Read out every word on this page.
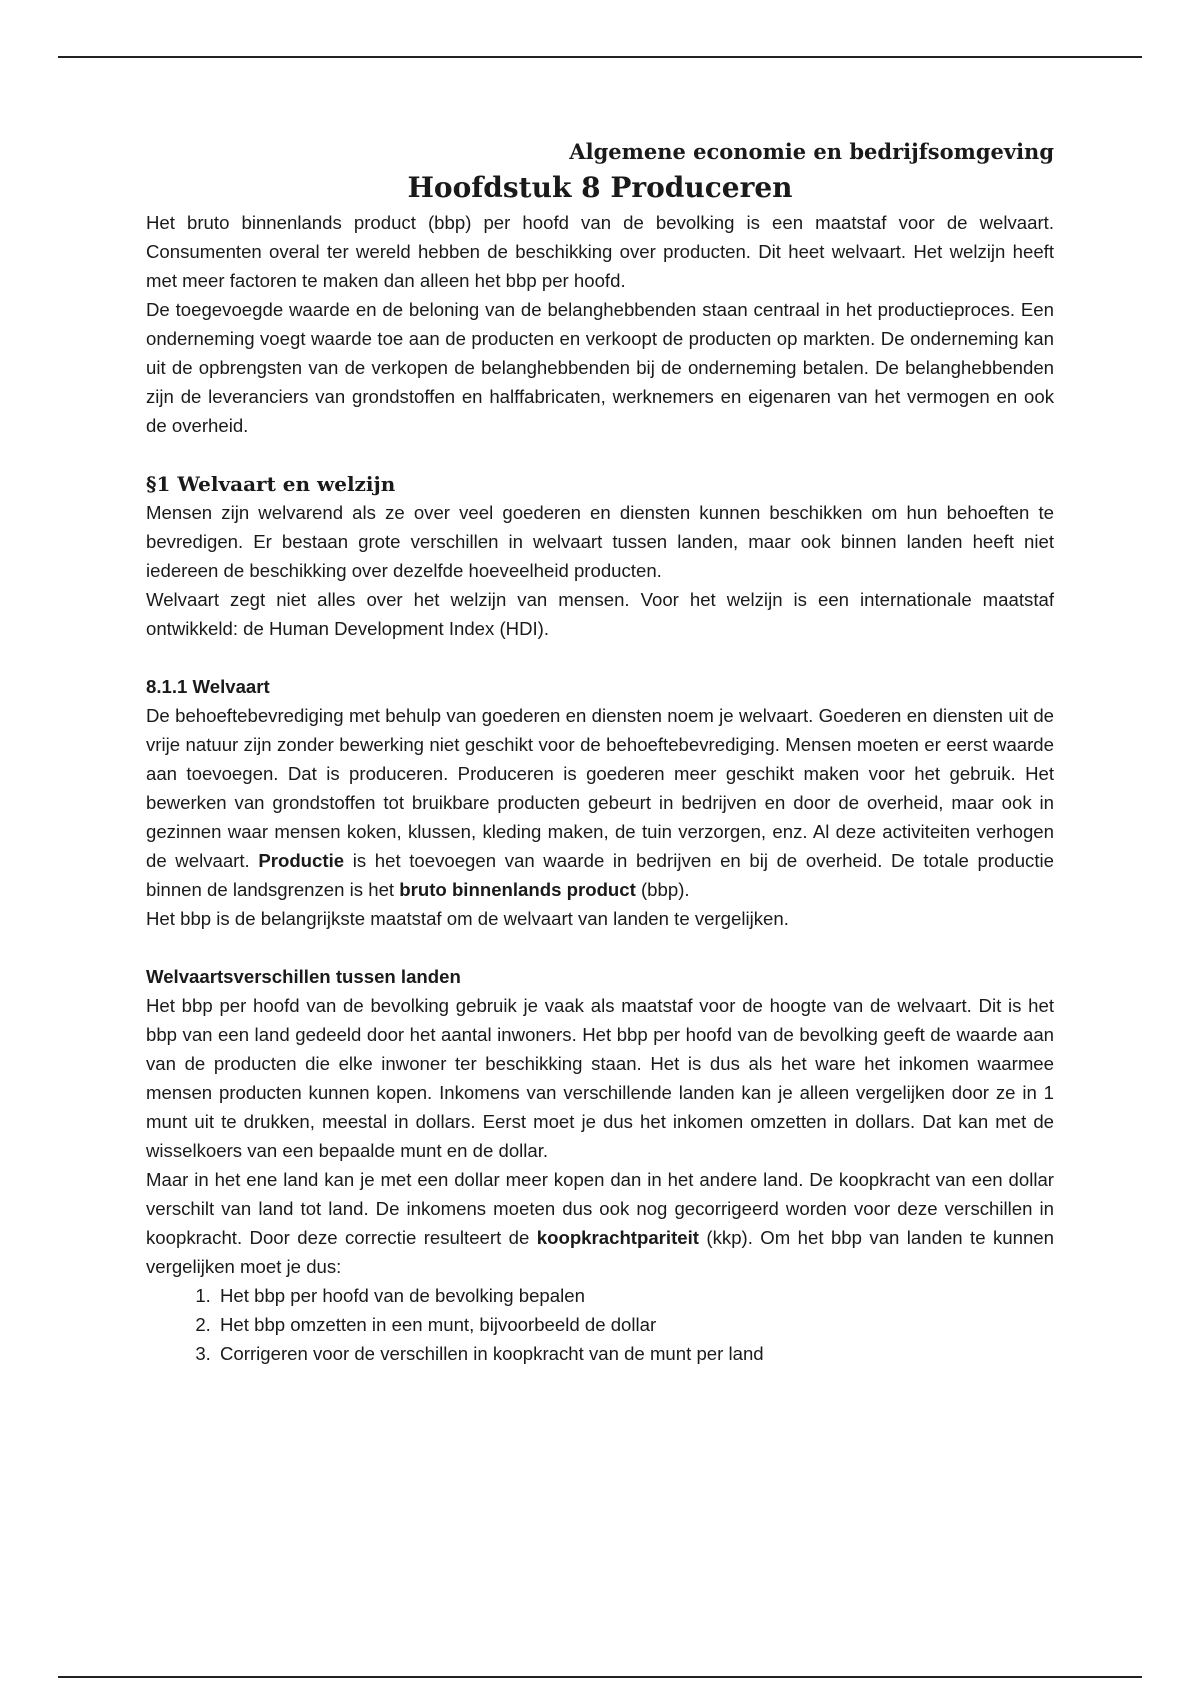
Algemene economie en bedrijfsomgeving
Hoofdstuk 8 Produceren

Het bruto binnenlands product (bbp) per hoofd van de bevolking is een maatstaf voor de welvaart. Consumenten overal ter wereld hebben de beschikking over producten. Dit heet welvaart. Het welzijn heeft met meer factoren te maken dan alleen het bbp per hoofd.

De toegevoegde waarde en de beloning van de belanghebbenden staan centraal in het productieproces. Een onderneming voegt waarde toe aan de producten en verkoopt de producten op markten. De onderneming kan uit de opbrengsten van de verkopen de belanghebbenden bij de onderneming betalen. De belanghebbenden zijn de leveranciers van grondstoffen en halffabricaten, werknemers en eigenaren van het vermogen en ook de overheid.

§1 Welvaart en welzijn

Mensen zijn welvarend als ze over veel goederen en diensten kunnen beschikken om hun behoeften te bevredigen. Er bestaan grote verschillen in welvaart tussen landen, maar ook binnen landen heeft niet iedereen de beschikking over dezelfde hoeveelheid producten.

Welvaart zegt niet alles over het welzijn van mensen. Voor het welzijn is een internationale maatstaf ontwikkeld: de Human Development Index (HDI).

8.1.1 Welvaart

De behoeftebevrediging met behulp van goederen en diensten noem je welvaart. Goederen en diensten uit de vrije natuur zijn zonder bewerking niet geschikt voor de behoeftebevrediging. Mensen moeten er eerst waarde aan toevoegen. Dat is produceren. Produceren is goederen meer geschikt maken voor het gebruik. Het bewerken van grondstoffen tot bruikbare producten gebeurt in bedrijven en door de overheid, maar ook in gezinnen waar mensen koken, klussen, kleding maken, de tuin verzorgen, enz. Al deze activiteiten verhogen de welvaart. Productie is het toevoegen van waarde in bedrijven en bij de overheid. De totale productie binnen de landsgrenzen is het bruto binnenlands product (bbp).

Het bbp is de belangrijkste maatstaf om de welvaart van landen te vergelijken.

Welvaartsverschillen tussen landen

Het bbp per hoofd van de bevolking gebruik je vaak als maatstaf voor de hoogte van de welvaart. Dit is het bbp van een land gedeeld door het aantal inwoners. Het bbp per hoofd van de bevolking geeft de waarde aan van de producten die elke inwoner ter beschikking staan. Het is dus als het ware het inkomen waarmee mensen producten kunnen kopen. Inkomens van verschillende landen kan je alleen vergelijken door ze in 1 munt uit te drukken, meestal in dollars. Eerst moet je dus het inkomen omzetten in dollars. Dat kan met de wisselkoers van een bepaalde munt en de dollar.

Maar in het ene land kan je met een dollar meer kopen dan in het andere land. De koopkracht van een dollar verschilt van land tot land. De inkomens moeten dus ook nog gecorrigeerd worden voor deze verschillen in koopkracht. Door deze correctie resulteert de koopkrachtpariteit (kkp). Om het bbp van landen te kunnen vergelijken moet je dus:

1. Het bbp per hoofd van de bevolking bepalen
2. Het bbp omzetten in een munt, bijvoorbeeld de dollar
3. Corrigeren voor de verschillen in koopkracht van de munt per land
